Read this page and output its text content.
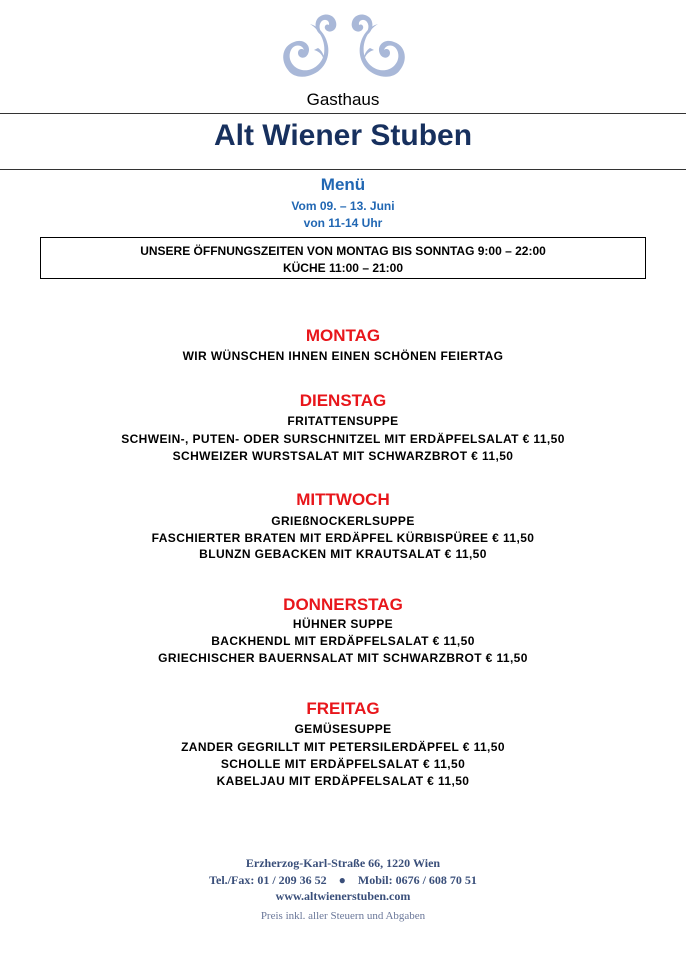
Gasthaus
Alt Wiener Stuben
Menü
Vom 09. – 13. Juni
von 11-14 Uhr
UNSERE ÖFFNUNGSZEITEN VON MONTAG BIS SONNTAG 9:00 – 22:00
KÜCHE 11:00 – 21:00
MONTAG
WIR WÜNSCHEN IHNEN EINEN SCHÖNEN FEIERTAG
DIENSTAG
FRITATTENSUPPE
SCHWEIN-, PUTEN- ODER SURSCHNITZEL MIT ERDÄPFELSALAT € 11,50
SCHWEIZER WURSTSALAT MIT SCHWARZBROT € 11,50
MITTWOCH
GRIEßNOCKERLSUPPE
FASCHIERTER BRATEN MIT ERDÄPFEL KÜRBISPÜREE € 11,50
BLUNZN GEBACKEN MIT KRAUTSALAT € 11,50
DONNERSTAG
HÜHNER SUPPE
BACKHENDL MIT ERDÄPFELSALAT € 11,50
GRIECHISCHER BAUERNSALAT MIT SCHWARZBROT € 11,50
FREITAG
GEMÜSESUPPE
ZANDER GEGRILLT MIT PETERSILERDÄPFEL € 11,50
SCHOLLE MIT ERDÄPFELSALAT € 11,50
KABELJAU MIT ERDÄPFELSALAT € 11,50
Erzherzog-Karl-Straße 66, 1220 Wien
Tel./Fax: 01 / 209 36 52    ●    Mobil: 0676 / 608 70 51
www.altwienerstuben.com
Preis inkl. aller Steuern und Abgaben
